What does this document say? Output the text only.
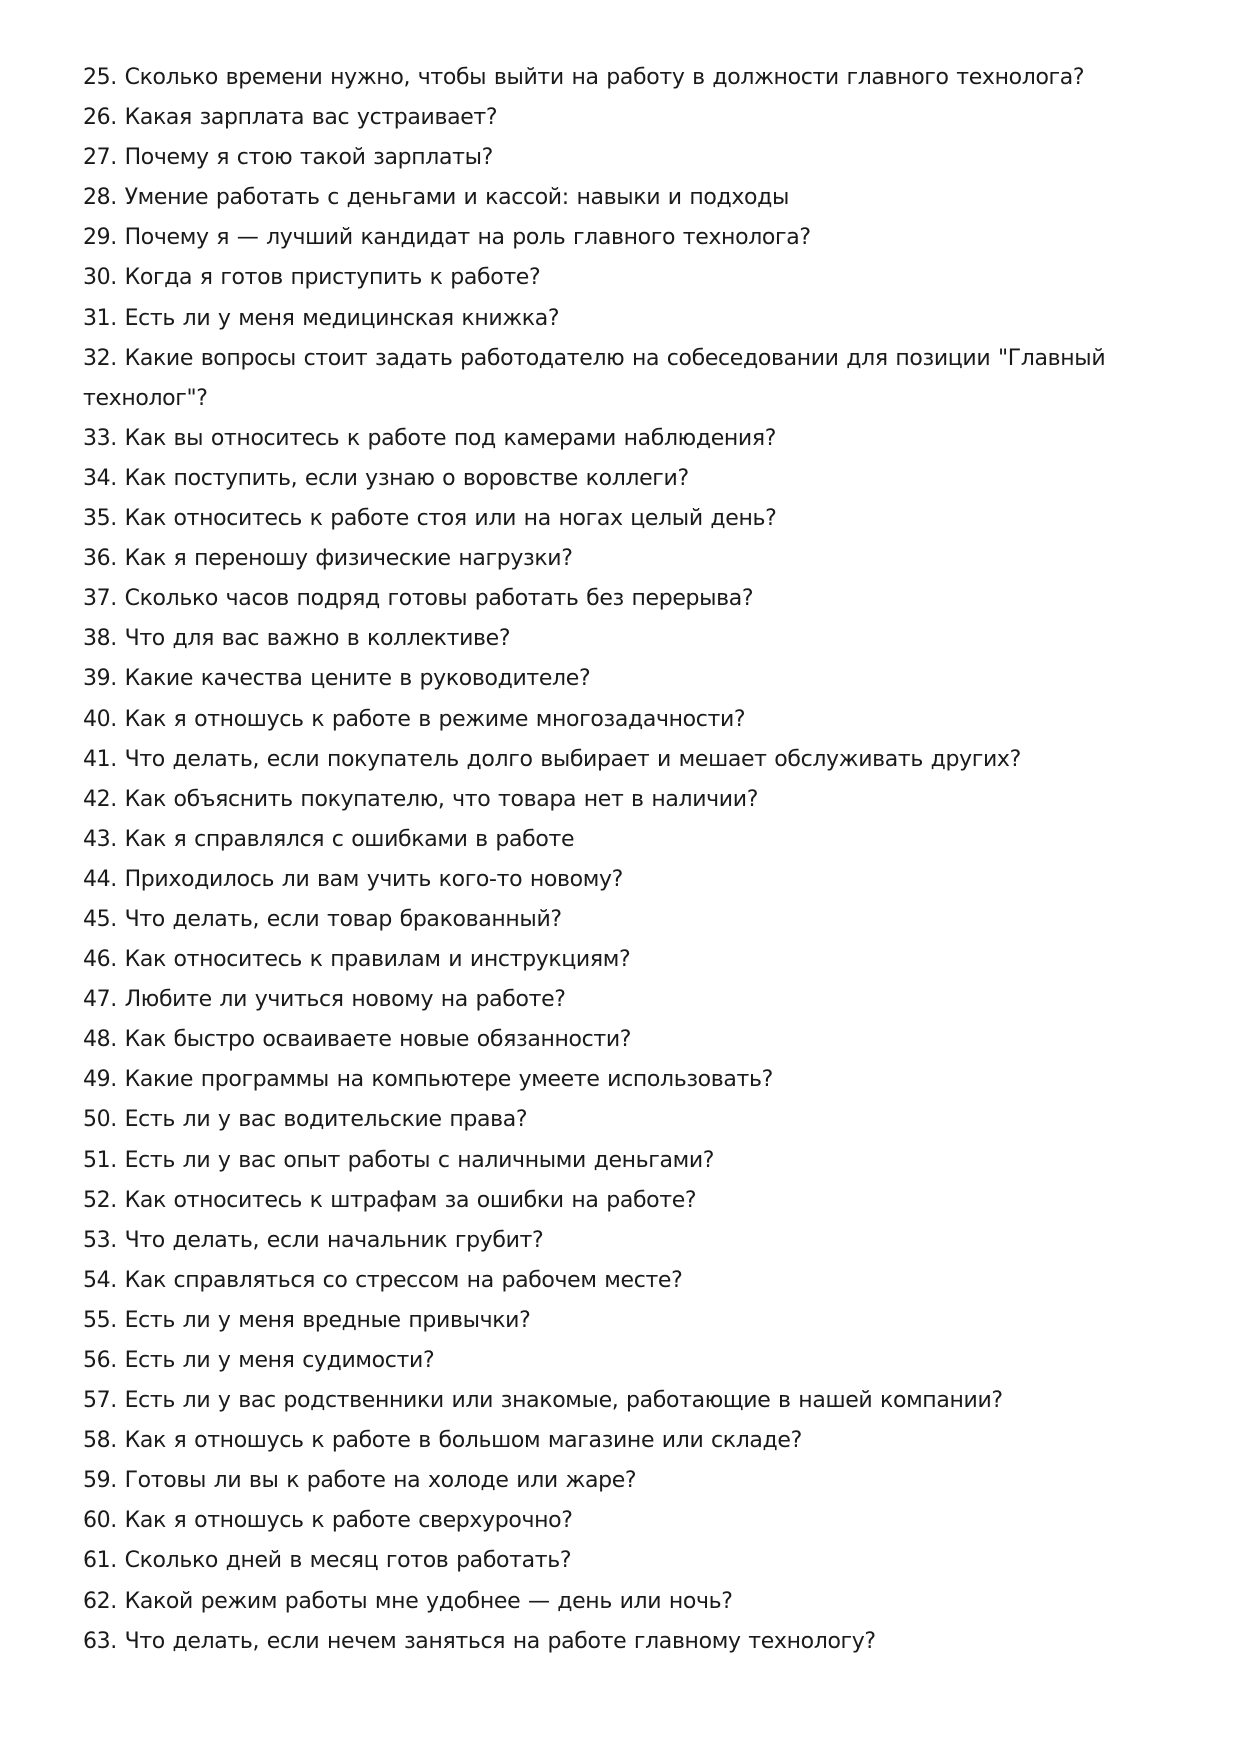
25. Сколько времени нужно, чтобы выйти на работу в должности главного технолога?
26. Какая зарплата вас устраивает?
27. Почему я стою такой зарплаты?
28. Умение работать с деньгами и кассой: навыки и подходы
29. Почему я — лучший кандидат на роль главного технолога?
30. Когда я готов приступить к работе?
31. Есть ли у меня медицинская книжка?
32. Какие вопросы стоит задать работодателю на собеседовании для позиции "Главный технолог"?
33. Как вы относитесь к работе под камерами наблюдения?
34. Как поступить, если узнаю о воровстве коллеги?
35. Как относитесь к работе стоя или на ногах целый день?
36. Как я переношу физические нагрузки?
37. Сколько часов подряд готовы работать без перерыва?
38. Что для вас важно в коллективе?
39. Какие качества цените в руководителе?
40. Как я отношусь к работе в режиме многозадачности?
41. Что делать, если покупатель долго выбирает и мешает обслуживать других?
42. Как объяснить покупателю, что товара нет в наличии?
43. Как я справлялся с ошибками в работе
44. Приходилось ли вам учить кого-то новому?
45. Что делать, если товар бракованный?
46. Как относитесь к правилам и инструкциям?
47. Любите ли учиться новому на работе?
48. Как быстро осваиваете новые обязанности?
49. Какие программы на компьютере умеете использовать?
50. Есть ли у вас водительские права?
51. Есть ли у вас опыт работы с наличными деньгами?
52. Как относитесь к штрафам за ошибки на работе?
53. Что делать, если начальник грубит?
54. Как справляться со стрессом на рабочем месте?
55. Есть ли у меня вредные привычки?
56. Есть ли у меня судимости?
57. Есть ли у вас родственники или знакомые, работающие в нашей компании?
58. Как я отношусь к работе в большом магазине или складе?
59. Готовы ли вы к работе на холоде или жаре?
60. Как я отношусь к работе сверхурочно?
61. Сколько дней в месяц готов работать?
62. Какой режим работы мне удобнее — день или ночь?
63. Что делать, если нечем заняться на работе главному технологу?
